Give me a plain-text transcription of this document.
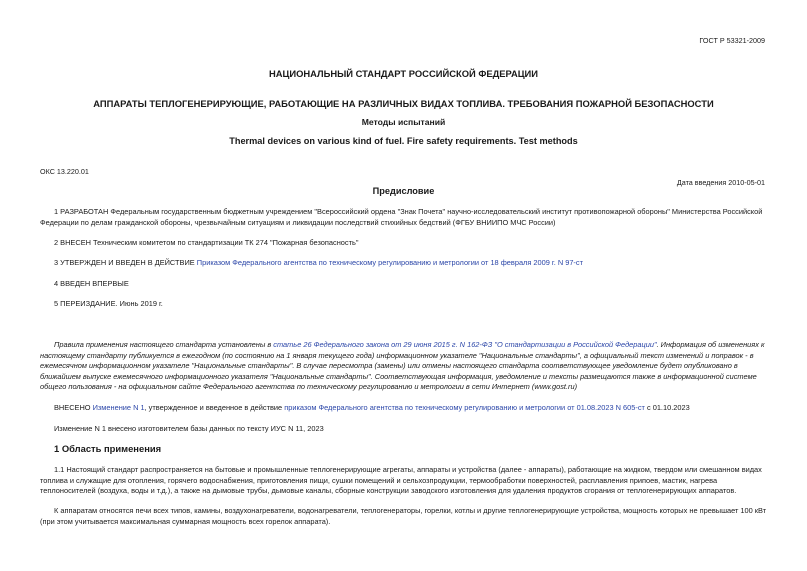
ГОСТ Р 53321-2009
НАЦИОНАЛЬНЫЙ СТАНДАРТ РОССИЙСКОЙ ФЕДЕРАЦИИ
АППАРАТЫ ТЕПЛОГЕНЕРИРУЮЩИЕ, РАБОТАЮЩИЕ НА РАЗЛИЧНЫХ ВИДАХ ТОПЛИВА. ТРЕБОВАНИЯ ПОЖАРНОЙ БЕЗОПАСНОСТИ
Методы испытаний
Thermal devices on various kind of fuel. Fire safety requirements. Test methods
ОКС 13.220.01
Дата введения 2010-05-01
Предисловие
1 РАЗРАБОТАН Федеральным государственным бюджетным учреждением "Всероссийский ордена "Знак Почета" научно-исследовательский институт противопожарной обороны" Министерства Российской Федерации по делам гражданской обороны, чрезвычайным ситуациям и ликвидации последствий стихийных бедствий (ФГБУ ВНИИПО МЧС России)
2 ВНЕСЕН Техническим комитетом по стандартизации ТК 274 "Пожарная безопасность"
3 УТВЕРЖДЕН И ВВЕДЕН В ДЕЙСТВИЕ Приказом Федерального агентства по техническому регулированию и метрологии от 18 февраля 2009 г. N 97-ст
4 ВВЕДЕН ВПЕРВЫЕ
5 ПЕРЕИЗДАНИЕ. Июнь 2019 г.
Правила применения настоящего стандарта установлены в статье 26 Федерального закона от 29 июня 2015 г. N 162-ФЗ "О стандартизации в Российской Федерации". Информация об изменениях к настоящему стандарту публикуется в ежегодном (по состоянию на 1 января текущего года) информационном указателе "Национальные стандарты", а официальный текст изменений и поправок - в ежемесячном информационном указателе "Национальные стандарты". В случае пересмотра (замены) или отмены настоящего стандарта соответствующее уведомление будет опубликовано в ближайшем выпуске ежемесячного информационного указателя "Национальные стандарты". Соответствующая информация, уведомление и тексты размещаются также в информационной системе общего пользования - на официальном сайте Федерального агентства по техническому регулированию и метрологии в сети Интернет (www.gost.ru)
ВНЕСЕНО Изменение N 1, утвержденное и введенное в действие приказом Федерального агентства по техническому регулированию и метрологии от 01.08.2023 N 605-ст с 01.10.2023
Изменение N 1 внесено изготовителем базы данных по тексту ИУС N 11, 2023
1 Область применения
1.1 Настоящий стандарт распространяется на бытовые и промышленные теплогенерирующие агрегаты, аппараты и устройства (далее - аппараты), работающие на жидком, твердом или смешанном видах топлива и служащие для отопления, горячего водоснабжения, приготовления пищи, сушки помещений и сельхозпродукции, термообработки поверхностей, расплавления припоев, мастик, нагрева теплоносителей (воздуха, воды и т.д.), а также на дымовые трубы, дымовые каналы, сборные конструкции заводского изготовления для удаления продуктов сгорания от теплогенерирующих аппаратов.
К аппаратам относятся печи всех типов, камины, воздухонагреватели, водонагреватели, теплогенераторы, горелки, котлы и другие теплогенерирующие устройства, мощность которых не превышает 100 кВт (при этом учитывается максимальная суммарная мощность всех горелок аппарата).
